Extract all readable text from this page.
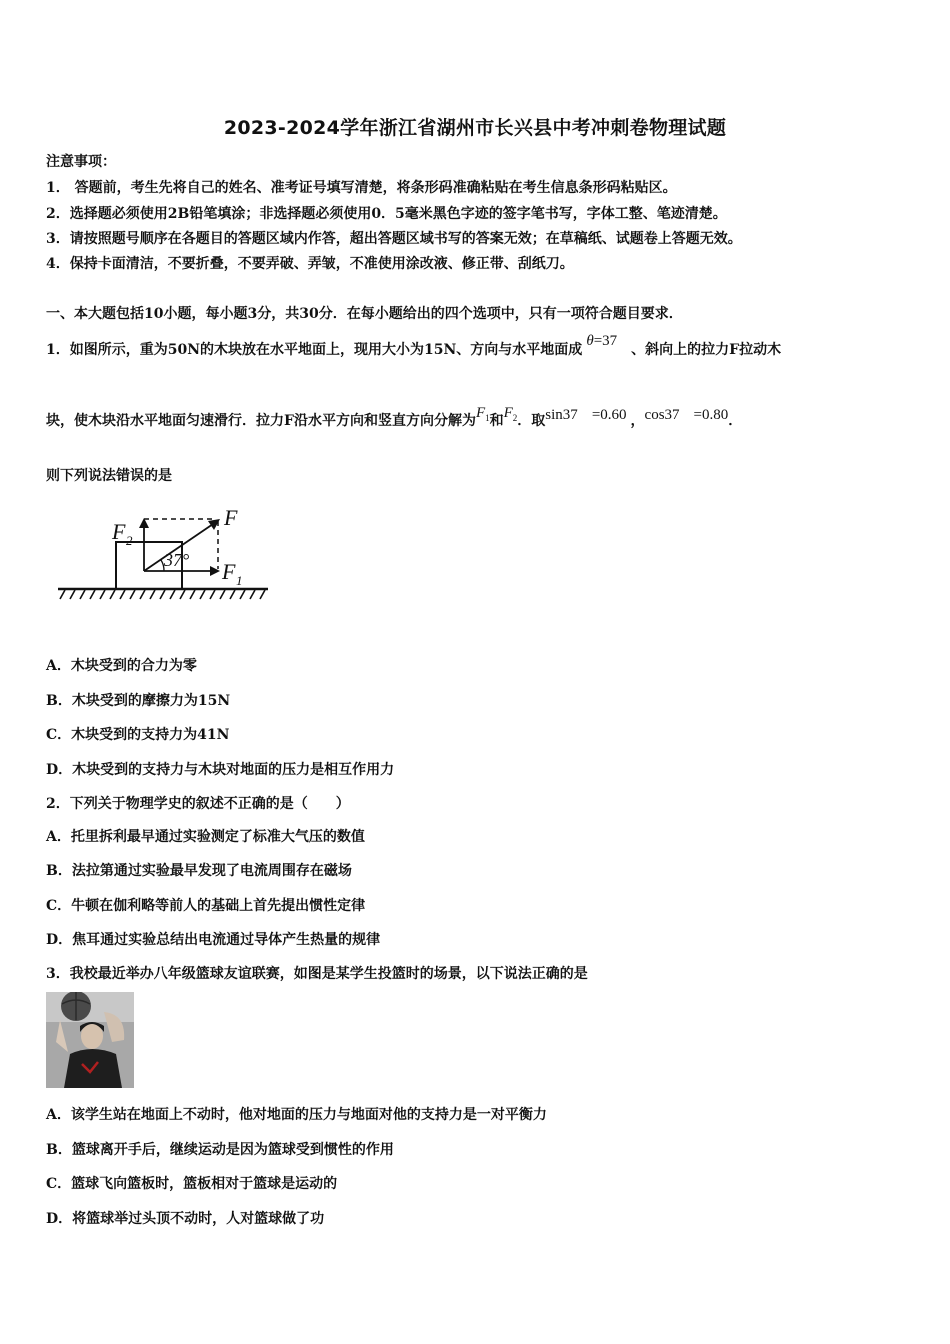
2023-2024学年浙江省湖州市长兴县中考冲刺卷物理试题
注意事项：
1． 答题前，考生先将自己的姓名、准考证号填写清楚，将条形码准确粘贴在考生信息条形码粘贴区。
2．选择题必须使用2B铅笔填涂；非选择题必须使用0．5毫米黑色字迹的签字笔书写，字体工整、笔迹清楚。
3．请按照题号顺序在各题目的答题区域内作答，超出答题区域书写的答案无效；在草稿纸、试题卷上答题无效。
4．保持卡面清洁，不要折叠，不要弄破、弄皱，不准使用涂改液、修正带、刮纸刀。
一、本大题包括10小题，每小题3分，共30分．在每小题给出的四个选项中，只有一项符合题目要求．
1．如图所示，重为50N的木块放在水平地面上，现用大小为15N、方向与水平地面成θ=37、斜向上的拉力F拉动木
块，使木块沿水平地面匀速滑行．拉力F沿水平方向和竖直方向分解为$F_1$和$F_2$．取sin37 =0.60 ，cos37 =0.80．
则下列说法错误的是
37°
F 2
F
F 1
A．木块受到的合力为零
B．木块受到的摩擦力为15N
C．木块受到的支持力为41N
D．木块受到的支持力与木块对地面的压力是相互作用力
2．下列关于物理学史的叙述不正确的是（　　）
A．托里拆利最早通过实验测定了标准大气压的数值
B．法拉第通过实验最早发现了电流周围存在磁场
C．牛顿在伽利略等前人的基础上首先提出惯性定律
D．焦耳通过实验总结出电流通过导体产生热量的规律
3．我校最近举办八年级篮球友谊联赛，如图是某学生投篮时的场景，以下说法正确的是
A．该学生站在地面上不动时，他对地面的压力与地面对他的支持力是一对平衡力
B．篮球离开手后，继续运动是因为篮球受到惯性的作用
C．篮球飞向篮板时，篮板相对于篮球是运动的
D．将篮球举过头顶不动时，人对篮球做了功
